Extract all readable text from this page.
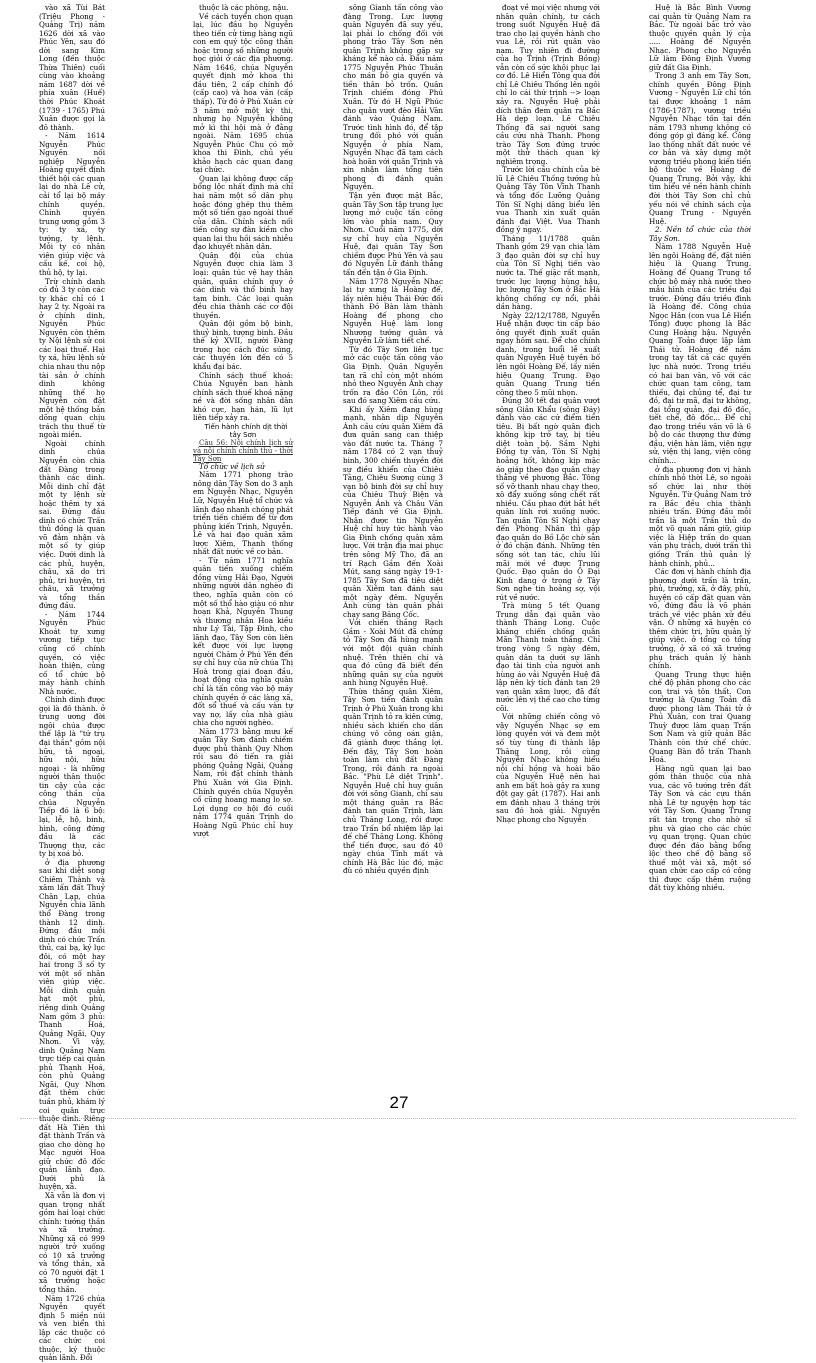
vào xã Tùi Bát (Triệu Phong - Quảng Trị) năm 1626 dời xã vào Phúc Yên, sau đó dời sang Kim Long (đến thuộc Thừa Thiên) cuối cùng vào khoảng năm 1687 dời về phía xuân (Huế) thời Phúc Khoát (1739 - 1765) Phú Xuân được gọi là đô thành.

- Năm 1614 Nguyễn Phúc Nguyên nối nghiệp Nguyễn Hoàng quyết định thiết hội các quan lại do nhà Lê cử, cải tổ lại bộ máy chính quyền. Chính quyền trung ương gồm 3 ty: ty xá, ty tướng, ty lệnh. Mỗi ty có nhân viên giúp việc và cấu kế, coi hộ, thủ hộ, ty lại.

Trừ chính danh có đủ 3 ty còn các ty khác chỉ có 1 hay 2 ty. Ngoài ra ở chính dinh, Nguyễn Phúc Nguyên còn thêm ty Nội lệnh sử coi các loại thuế. Hai ty xá, hữu lệnh sử chia nhau thu nộp tài sản ở chính dinh không những thế họ Nguyễn còn đặt một hệ thống bản dõng quan chịu trách thu thuế từ ngoài miền.

Ngoài chính dinh chúa Nguyễn còn chia đất Đàng trong thành các dinh. Mỗi dinh chỉ đặt một ty lệnh sử hoặc thêm ty xá sai. Đứng đầu dinh có chức Trấn thủ đồng là quan võ đảm nhận và một số ty giúp việc. Dưới dinh là các phủ, huyện, châu, xã do tri phủ, tri huyện, tri châu, xã trưởng và tổng thần đứng đầu.

- Năm 1744 Nguyễn Phúc Khoát tự xưng vương tiếp tục cũng cố chính quyền, có việc hoàn thiện, củng cố tổ chức bộ máy hành chính Nhà nước.

Chính dinh được gọi là đô thành. ở trung ương đời ngôi chúa được thế lập là "tứ trụ đại thần" gồm nội hữu, tả ngoại, hữu nội, hữu ngoại - là những người thân thuộc tin cậy của các công thần của chúa Nguyễn Tiếp đó là 6 bộ: lại, lễ, hộ, binh, hình, công đứng đầu là các Thượng thư, các ty bị xoá bỏ.

ở địa phương sau khi diệt song Chiêm Thành và xâm lấn đất Thuỷ Chân Lạp, chúa Nguyễn chia lãnh thổ Đàng trong thành 12 dinh. Đứng đầu mỗi dinh có chức Trấn thủ, cai bạ, ký lục đôi, có một hay hai trong 3 số ty với một số nhân viên giúp việc. Mỗi dinh quản hạt một phủ, riêng dinh Quảng Nam gồm 3 phủ: Thanh Hoá, Quảng Ngãi, Quy Nhơn. Vì vậy, dinh Quảng Nam trực tiếp cai quản phủ Thanh Hoá, còn phủ Quảng Ngãi, Quy Nhơn đặt thêm chức tuần phủ, khám lý coi quân trực thuộc dinh. Riêng đất Hà Tiên thì đặt thành Trấn và giao cho dòng họ Mạc người Hoa giữ chức đô đốc quản lãnh đạo. Dưới phủ là huyện, xã.

Xã vẫn là đơn vị quan trọng nhất gồm hai loại chức chính: tướng thần và xã trưởng. Những xã có 999 người trở xuống có 10 xã trưởng và tổng thần, xã có 70 người đặt 1 xã trưởng hoặc tổng thần.

Năm 1726 chúa Nguyễn quyết định 5 miền núi và ven biển thì lập các thuộc có các chức coi thuộc, ký thuộc quản lãnh. Đổi

thuộc là các phòng, nậu.

Về cách tuyển chọn quan lại, lúc đầu họ Nguyễn theo tiến cử từng hàng ngũ con em quý tộc công thần hoặc trong số những người học giỏi ở các địa phương. Năm 1646, chúa Nguyễn quyết định mở khoa thi đầu tiên, 2 cấp chính đồ (cấp cao) và hoa văn (cấp thấp). Từ đó ở Phú Xuân cứ 3 năm mở một kỳ thi, nhưng họ Nguyễn không mở kì thi hội mà ở đằng ngoài. Năm 1695 chúa Nguyễn Phúc Chu có mở khoa thi Đình, chủ yếu khảo hạch các quan đang tại chức.

Quan lại không được cấp bổng lộc nhất định mà chỉ hai năm một số dân phụ hoặc đóng ghép thu thêm một số tiền gạo ngoài thuế của dân. Chính sách nối tiến công sự đàn kiềm cho quan lại thu hồi sách nhiễu đạo khuyết nhân dân.

Quân đội của chúa Nguyễn được chia làm 3 loại: quân túc vệ hay thân quân, quân chính quy ở các dinh và thổ binh hay tạm binh. Các loại quân đều chia thành các cơ đội thuyền.

Quân đội gồm bộ binh, thuỷ binh, tượng binh. Đầu thế kỷ XVII, người Đàng trong học cách đúc súng, các thuyền lớn đến có 5 khẩu đại bác.

Chính sách thuế khoá: Chúa Nguyễn ban hành chính sách thuế khoá nặng nề và đời sống nhân dân khó cực, hạn hán, lũ lụt liên tiếp xảy ra.

Tiến hành chính dịt thời tây Sơn

Câu 56: Nội chính lịch sử và nội chính chính thủ - thời Tây Sơn

Tổ chức về lịch sử

Năm 1771 phong trào nông dân Tây Sơn do 3 anh em Nguyễn Nhạc, Nguyễn Lữ, Nguyễn Huệ tổ chức và lãnh đạo nhanh chóng phát triển tiến chiếm để từ đơn phủng kiến Trịnh, Nguyễn. Lê và hai đạo quân xâm lược Xiêm, Thanh thống nhất đất nước về cơ bản.

- Từ năm 1771 nghĩa quân tiến xuống chiếm đồng vùng Hải Đạo, Người những người dân nghèo đi theo, nghĩa quân còn có một số thổ hào giàu có như hoạn Khả, Nguyễn Thung và thương nhân Hoa kiều như Lý Tài, Tập Đình, cho lãnh đạo, Tây Sơn còn liên kết được với lực lượng người Chăm ở Phú Yên đến sự chỉ huy của nữ chúa Thị Hoà trong giai đoạn đầu, hoạt động của nghĩa quân chỉ là tấn công vào bộ máy chính quyền ở các làng xã, đốt sổ thuế và cấu vàn tự vay nợ, lấy của nhà giàu chia cho người nghèo.

Năm 1773 bằng mưu kế quân Tây Sơn đánh chiếm được phủ thành Quy Nhơn rồi sau đó tiến ra giải phóng Quảng Ngãi, Quảng Nam, rồi đặt chính thành Phú Xuân với Gia Định. Chính quyền chúa Nguyễn cố cũng hoang mang lo sợ. Lợi dụng cơ hội đó cuối năm 1774 quân Trịnh do Hoàng Ngũ Phúc chỉ huy vượt

sông Gianh tấn công vào đàng Trong. Lực lượng quân Nguyễn đã suy yếu, lại phải lo chống đối với phong trào Tây Sơn nên quân Trịnh không gặp sự kháng kể nào cả. Đầu năm 1775 Nguyễn Phúc Thuần cho mán bỏ gia quyến và tiền thân bỏ trốn. Quân Trịnh chiếm đóng Phú Xuân. Từ đó H Ngũ Phúc cho quân vượt đèo Hải Vân đánh vào Quảng Nam. Trước tình hình đó, để tập trung đối phó với quân Nguyễn ở phía Nam, Nguyễn Nhạc đã tạm cách hoà hoãn với quân Trịnh và xin nhận làm tổng tiên phong đi đánh quân Nguyễn.

Tận yên được mặt Bắc, quân Tây Sơn tập trung lực lượng mở cuộc tấn công lớn vào phía nam. Quy Nhơn. Cuối năm 1775, dời sự chỉ huy của Nguyễn Huệ, đại quân Tây Sơn chiếm được Phú Yên và sau đó Nguyễn Lữ đánh thẳng tấn đến tận ở Gia Định.

Năm 1778 Nguyễn Nhạc lại tự xưng là Hoàng đế, lấy niên hiệu Thái Đức đối thành Đồ Bàn làm thành Hoàng đế phong cho Nguyễn Huệ làm long Nhương tướng quân và Nguyễn Lữ làm tiết chế.

Từ đó Tây Sơn liên tục mở các cuộc tấn công vào Gia Định. Quân Nguyễn tan rã chỉ còn một nhóm nhỏ theo Nguyễn Ánh chạy trốn ra đảo Côn Lôn, rồi sau đó sang Xiêm cầu cứu.

Khi ấy Xiêm đang hùng mạnh, nhân dịp Nguyễn Ánh cầu cứu quân Xiêm đã đưa quân sang can thiệp vào đất nước ta. Tháng 7 năm 1784 có 2 vạn thuỷ binh, 300 chiến thuyền đời sự điều khiển của Chiêu Tăng, Chiêu Sương cùng 3 vạn bộ binh đời sự chỉ huy của Chiêu Thuỳ Biện và Nguyễn Ánh và Châu Văn Tiếp đánh về Gia Định. Nhận được tin Nguyễn Huệ chỉ huy tức hành vào Gia Định chống quân xâm lược. Với trận địa mai phục trên sông Mỹ Tho, đã an trí Rạch Gầm đến Xoài Mút, sang sáng ngày 19-1-1785 Tây Sơn đã tiêu diệt quân Xiêm tan đánh sau một ngày đêm. Nguyễn Ánh cùng tàn quân phải chạy sang Băng Cốc.

Với chiến thắng Rạch Gầm - Xoài Mút đã chứng tỏ Tây Sơn đã hùng mạnh với một đội quân chính nhuệ. Trên thiên chí và qua đó cũng đã biết đến những quân sự của người anh hùng Nguyễn Huệ.

Thừa thắng quân Xiêm, Tây Sơn tiến đánh quân Trịnh ở Phú Xuân trong khi quân Trịnh tỏ ra kiên cứng, nhiều sách khiến cho dân chúng vô công oán giận, đã giành được thắng lợi. Đến đây, Tây Sơn hoàn toàn làm chủ đất Đàng Trong, rồi đánh ra ngoài Bắc. "Phù Lê diệt Trịnh". Nguyễn Huệ chỉ huy quân đời với sông Gianh, chỉ sau một tháng quân ra Bắc đánh tan quân Trịnh, làm chủ Thăng Long, rồi được trao Trấn bổ nhiệm lập lại đế chế Thăng Long. Không thể tiến được, sau đó 40 ngày chúa Tĩnh mất và chính Hà Bắc lúc đó, mặc đù có nhiều quyền định

đoạt về mọi việc nhưng với nhân quân chính, tư cách trong suốt Nguyễn Huệ đã trao cho lại quyền hành cho vua Lê, rồi rút quân vào nam. Tuy nhiên đi đường của họ Trịnh (Trịnh Bồng) vẫn còn cố sức khôi phục lại cơ đồ. Lê Hiển Tông qua đời chỉ Lê Chiêu Thống lên ngôi chỉ lo cái thứ trịnh --> loạn xảy ra. Nguyễn Huệ phải dích thân đem quân ra Bắc Hà dẹp loạn. Lê Chiêu Thống đã sai người sang cầu cứu nhà Thanh. Phong trào Tây Sơn đứng trước một thử thách quan kỳ nghiêm trọng.

Trước lời cầu chính của bè lũ Lê Chiêu Thống tướng hủ Quảng Tây Tôn Vĩnh Thanh và tổng đốc Lưỡng Quảng Tôn Sĩ Nghị dâng biểu lên vua Thanh xin xuất quân đánh đại Việt. Vua Thanh đồng ý ngay.

Tháng 11/1788 quân Thanh gồm 29 vạn chia làm 3 đạo quân đời sự chỉ huy của Tôn Sĩ Nghị tiến vào nước ta. Thế giặc rất mạnh, trước lực lượng hùng hậu, lực lượng Tây Sơn ở Bắc Hà không chống cự nổi, phải dần hàng.

Ngày 22/12/1788, Nguyễn Huệ nhận được tin cấp báo ông quyết định xuất quân ngay hôm sau. Để cho chính danh, trong buổi lễ xuất quân Nguyễn Huệ tuyên bố lên ngôi Hoàng Đế, lấy niên hiệu Quang Trung. Đạo quân Quang Trung tiến công theo 5 mũi nhọn.

Đúng 30 tết đại quân vượt sông Giản Khẩu (sông Đáy) đánh vào các cứ điểm tiền tiêu. Bị bất ngờ quân địch không kịp trở tay, bị tiêu diệt toàn bộ. Sầm Nghi Đống tự vẫn, Tôn Sĩ Nghị hoảng hốt, không kịp mặc áo giáp theo đạo quân chạy thẳng về phương Bắc. Tông số vỡ thanh nhau chạy theo, xô đẩy xuống sông chết rất nhiều. Cầu phao đứt bắt hết quân lính rơi xuống nước. Tan quân Tôn Sĩ Nghị chạy đến Phòng Nhân thì gặp đạo quân do Bồ Lộc chờ sẵn ở đó chặn đánh. Những tên sống sót tan tác, chỉu lũi mãi mới về được Trung Quốc. Đạo quân do Ô Đại Kinh dang ở trong ở Tây Sơn nghe tin hoảng sợ, vội rút về nước.

Trà mùng 5 tết Quang Trung dẫn đại quân vào thành Thăng Long. Cuộc kháng chiến chống quân Mãn Thanh toàn thắng. Chỉ trong vòng 5 ngày đêm, quân dân ta dưới sự lãnh đạo tài tình của người anh hùng áo vải Nguyễn Huệ đã lập nên kỳ tích đánh tan 29 vạn quân xâm lược, đã đất nước lên vị thế cao cho từng cõi.

Với những chiến công vô vậy Nguyễn Nhạc sợ em lòng quyền với và đem một số tùy tùng đi thành lập Thăng Long, rồi cùng Nguyễn Nhạc không hiểu nỗi chỉ hồng và hoài bão của Nguyễn Huệ nên hai anh em bất hoà gây ra xung đột gay gắt (1787). Hai anh em đánh nhau 3 tháng trời sau đó hoà giải. Nguyễn Nhạc phong cho Nguyễn

Huệ là Bắc Bình Vương cai quản từ Quảng Nam ra Bắc. Từ ngoài bắc trở vào thuộc quyền quản lý của ..... Hoàng đế Nguyễn Nhạc. Phong cho Nguyễn Lữ làm Đông Định Vương giữ đất Gia Định.

Trong 3 anh em Tây Sơn, chính quyền Đông Định Vương - Nguyễn Lữ chỉ tồn tại được khoảng 1 năm (1786-1787), vương triều Nguyễn Nhạc tồn tại đến năm 1793 nhưng không có đóng góp gì đáng kể. Công lao thống nhất đất nước về cơ bản và xây dựng một vương triều phong kiến tiến bộ thuộc về Hoàng đế Quang Trung. Bởi vậy, khi tìm hiểu về nền hành chính đời thời Tây Sơn chỉ chủ yếu nói về chính sách của Quang Trung - Nguyễn Huệ.

2. Nền tổ chức của thời Tây Sơn.

Năm 1788 Nguyễn Huệ lên ngôi Hoàng đế, đặt niên hiệu là Quang Trung. Hoàng đế Quang Trung tổ chức bộ máy nhà nước theo mẫu hình của các triều đại trước. Đứng đầu triều đình là Hoàng đế. Công chúa Ngọc Hân (con vua Lê Hiển Tông) được phong là Bắc Cung Hoàng hậu. Nguyễn Quang Toản được lập làm Thái tử. Hoàng đế nắm trong tay tất cả các quyền lực nhà nước. Trong triều có hai ban văn, võ với các chức quan tam công, tam thiếu, đại chủng tể, đại tư đồ, đại tư mã, đại tư không, đại tổng quản, đại đô đốc, tiết chế, đô đốc... Để chỉ đạo trong triều văn võ là 6 bộ do các thượng thư đứng đầu, viện hàn lâm, viện ngự sử, viện thị lang, viện công chính...

ở địa phương đơn vị hành chính nhỏ thời Lê, so ngoài số chức lại như thời Nguyễn. Từ Quảng Nam trở ra Bắc đều chia thành nhiều trấn. Đứng đầu mỗi trấn là một Trấn thủ do một võ quan nắm giữ, giúp việc là Hiệp trấn do quan văn phụ trách, dưới trấn thì giống Trấn thủ quản lý hành chính, phủ...

Các đơn vị hành chính địa phương dưới trấn là trấn, phủ, trưởng, xã, ở đây, phủ, huyện có cấp đặt quan văn võ, đứng đầu là võ phán trách về việc phân xử đều vận. Ở những xã huyện có thêm chức tri, hữu quản lý giúp việc. ở tổng có tổng trưởng, ở xã có xã trưởng phụ trách quản lý hành chính.

Quang Trung thực hiện chế độ phân phong cho các con trai và tôn thất. Con trưởng là Quang Toản đã được phong làm Thái tử ở Phú Xuân, con trai Quang Thuỳ được làm quan Trấn Sơn Nam và giữ quản Bắc Thành còn thứ chế chức. Quang Bàn đỗ trấn Thanh Hoá.

Hàng ngũ quan lại bao gồm thân thuộc của nhà vua, các võ tướng trên đất Tây Sơn và các cựu thần nhà Lê tự nguyện hợp tác với Tây Sơn. Quang Trung rất tán trọng cho nhờ sĩ phu và giao cho các chức vụ quan trọng. Quan chức được đền đáo bằng bổng lộc theo chế độ bằng số thuế một vài xã, một số quan chức cao cấp có công thì được cấp thêm ruộng đất tùy không nhiều.

27
